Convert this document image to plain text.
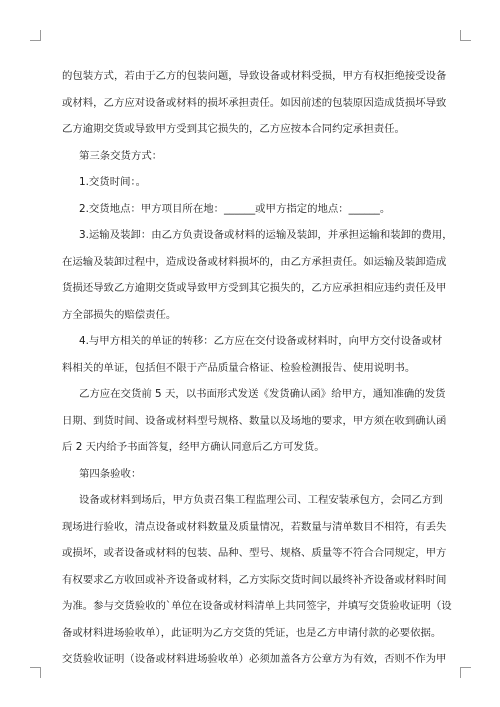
的包装方式，若由于乙方的包装问题，导致设备或材料受损，甲方有权拒绝接受设备
或材料，乙方应对设备或材料的损坏承担责任。如因前述的包装原因造成货损坏导致
乙方逾期交货或导致甲方受到其它损失的，乙方应按本合同约定承担责任。
第三条交货方式：
1.交货时间：。
2.交货地点：甲方项目所在地：______或甲方指定的地点：______。
3.运输及装卸：由乙方负责设备或材料的运输及装卸，并承担运输和装卸的费用，
在运输及装卸过程中，造成设备或材料损坏的，由乙方承担责任。如运输及装卸造成
货损还导致乙方逾期交货或导致甲方受到其它损失的，乙方应承担相应违约责任及甲
方全部损失的赔偿责任。
4.与甲方相关的单证的转移：乙方应在交付设备或材料时，向甲方交付设备或材
料相关的单证，包括但不限于产品质量合格证、检验检测报告、使用说明书。
乙方应在交货前 5 天，以书面形式发送《发货确认函》给甲方，通知准确的发货
日期、到货时间、设备或材料型号规格、数量以及场地的要求，甲方须在收到确认函
后 2 天内给予书面答复，经甲方确认同意后乙方可发货。
第四条验收：
设备或材料到场后，甲方负责召集工程监理公司、工程安装承包方，会同乙方到
现场进行验收，清点设备或材料数量及质量情况，若数量与清单数目不相符，有丢失
或损坏，或者设备或材料的包装、品种、型号、规格、质量等不符合合同规定，甲方
有权要求乙方收回或补齐设备或材料，乙方实际交货时间以最终补齐设备或材料时间
为准。参与交货验收的`单位在设备或材料清单上共同签字，并填写交货验收证明（设
备或材料进场验收单），此证明为乙方交货的凭证，也是乙方申请付款的必要依据。
交货验收证明（设备或材料进场验收单）必须加盖各方公章方为有效，否则不作为甲
